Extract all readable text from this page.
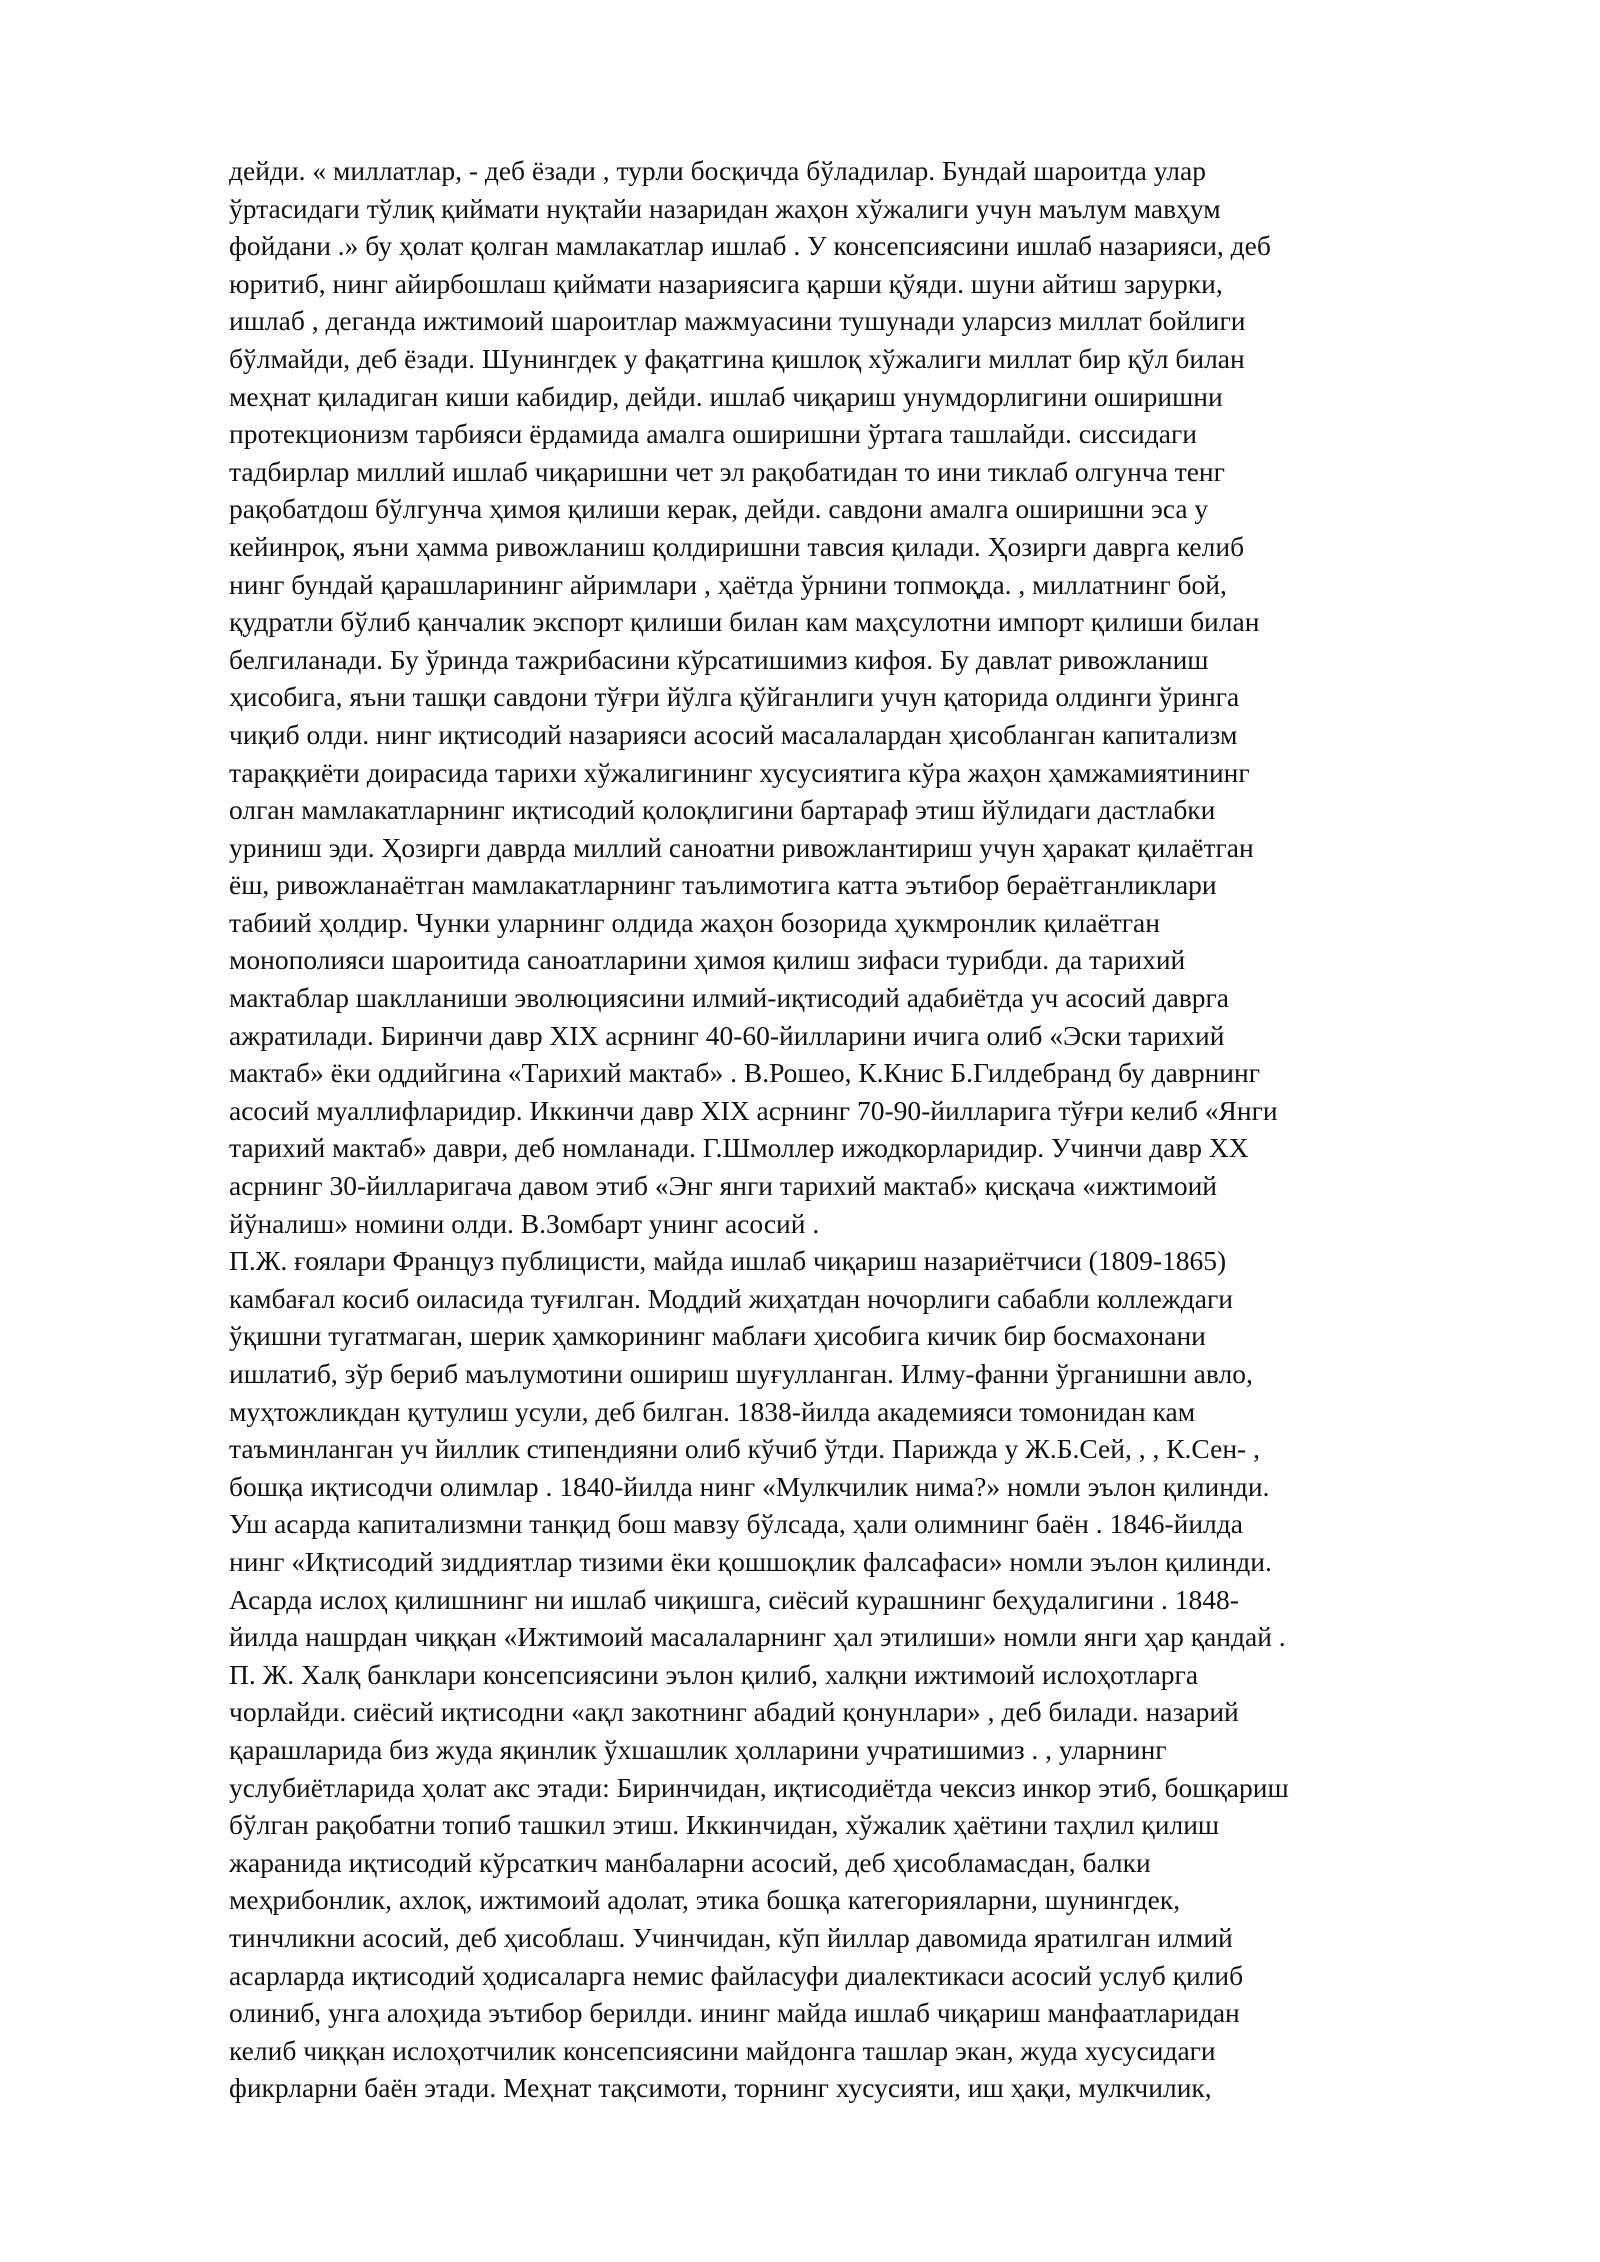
дейди. « миллатлар, - деб ёзади , турли босқичда бўладилар. Бундай шароитда улар
ўртасидаги тўлиқ қиймати нуқтайи назаридан жаҳон хўжалиги учун маълум мавҳум
фойдани .» бу ҳолат қолган мамлакатлар ишлаб . У консепсиясини ишлаб назарияси, деб
юритиб, нинг айирбошлаш қиймати назариясига қарши қўяди. шуни айтиш зарурки,
ишлаб , деганда ижтимоий шароитлар мажмуасини тушунади уларсиз миллат бойлиги
бўлмайди, деб ёзади. Шунингдек у фақатгина қишлоқ хўжалиги миллат бир қўл билан
меҳнат қиладиган киши кабидир, дейди. ишлаб чиқариш унумдорлигини оширишни
протекционизм тарбияси ёрдамида амалга оширишни ўртага ташлайди. сиссидаги
тадбирлар миллий ишлаб чиқаришни чет эл рақобатидан то ини тиклаб олгунча тенг
рақобатдош бўлгунча ҳимоя қилиши керак, дейди. савдони амалга оширишни эса у
кейинроқ, яъни ҳамма ривожланиш қолдиришни тавсия қилади. Ҳозирги даврга келиб
нинг бундай қарашларининг айримлари , ҳаётда ўрнини топмоқда. , миллатнинг бой,
қудратли бўлиб қанчалик экспорт қилиши билан кам маҳсулотни импорт қилиши билан
белгиланади. Бу ўринда тажрибасини кўрсатишимиз кифоя. Бу давлат ривожланиш
ҳисобига, яъни ташқи савдони тўғри йўлга қўйганлиги учун қаторида олдинги ўринга
чиқиб олди. нинг иқтисодий назарияси асосий масалалардан ҳисобланган капитализм
тараққиёти доирасида тарихи хўжалигининг хусусиятига кўра жаҳон ҳамжамиятининг
олган мамлакатларнинг иқтисодий қолоқлигини бартараф этиш йўлидаги дастлабки
уриниш эди. Ҳозирги даврда миллий саноатни ривожлантириш учун ҳаракат қилаётган
ёш, ривожланаётган мамлакатларнинг таълимотига катта эътибор бераётганликлари
табиий ҳолдир. Чунки уларнинг олдида жаҳон бозорида ҳукмронлик қилаётган
монополияси шароитида саноатларини ҳимоя қилиш зифаси турибди. да тарихий
мактаблар шаклланиши эволюциясини илмий-иқтисодий адабиётда уч асосий даврга
ажратилади. Биринчи давр XIX асрнинг 40-60-йилларини ичига олиб «Эски тарихий
мактаб» ёки оддийгина «Тарихий мактаб» . В.Рошео, К.Книс Б.Гилдебранд бу даврнинг
асосий муаллифларидир. Иккинчи давр XIX асрнинг 70-90-йилларига тўғри келиб «Янги
тарихий мактаб» даври, деб номланади. Г.Шмоллер ижодкорларидир. Учинчи давр XX
асрнинг 30-йилларигача давом этиб «Энг янги тарихий мактаб» қисқача «ижтимоий
йўналиш» номини олди. В.Зомбарт унинг асосий .
П.Ж. ғоялари Француз публицисти, майда ишлаб чиқариш назариётчиси (1809-1865)
камбағал косиб оиласида туғилган. Моддий жиҳатдан ночорлиги сабабли коллеждаги
ўқишни тугатмаган, шерик ҳамкорининг маблағи ҳисобига кичик бир босмахонани
ишлатиб, зўр бериб маълумотини ошириш шуғулланган. Илму-фанни ўрганишни авло,
муҳтожликдан қутулиш усули, деб билган. 1838-йилда академияси томонидан кам
таъминланган уч йиллик стипендияни олиб кўчиб ўтди. Парижда у Ж.Б.Сей, , , К.Сен- ,
бошқа иқтисодчи олимлар . 1840-йилда нинг «Мулкчилик нима?» номли эълон қилинди.
Уш асарда капитализмни танқид бош мавзу бўлсада, ҳали олимнинг баён . 1846-йилда
нинг «Иқтисодий зиддиятлар тизими ёки қошшоқлик фалсафаси» номли эълон қилинди.
Асарда ислоҳ қилишнинг ни ишлаб чиқишга, сиёсий курашнинг беҳудалигини . 1848-
йилда нашрдан чиққан «Ижтимоий масалаларнинг ҳал этилиши» номли янги ҳар қандай .
П. Ж. Халқ банклари консепсиясини эълон қилиб, халқни ижтимоий ислоҳотларга
чорлайди. сиёсий иқтисодни «ақл закотнинг абадий қонунлари» , деб билади. назарий
қарашларида биз жуда яқинлик ўхшашлик ҳолларини учратишимиз . , уларнинг
услубиётларида ҳолат акс этади: Биринчидан, иқтисодиётда чексиз инкор этиб, бошқариш
бўлган рақобатни топиб ташкил этиш. Иккинчидан, хўжалик ҳаётини таҳлил қилиш
жаранида иқтисодий кўрсаткич манбаларни асосий, деб ҳисобламасдан, балки
меҳрибонлик, ахлоқ, ижтимоий адолат, этика бошқа категорияларни, шунингдек,
тинчликни асосий, деб ҳисоблаш. Учинчидан, кўп йиллар давомида яратилган илмий
асарларда иқтисодий ҳодисаларга немис файласуфи диалектикаси асосий услуб қилиб
олиниб, унга алоҳида эътибор берилди. ининг майда ишлаб чиқариш манфаатларидан
келиб чиққан ислоҳотчилик консепсиясини майдонга ташлар экан, жуда хусусидаги
фикрларни баён этади. Меҳнат тақсимоти, торнинг хусусияти, иш ҳақи, мулкчилик,
